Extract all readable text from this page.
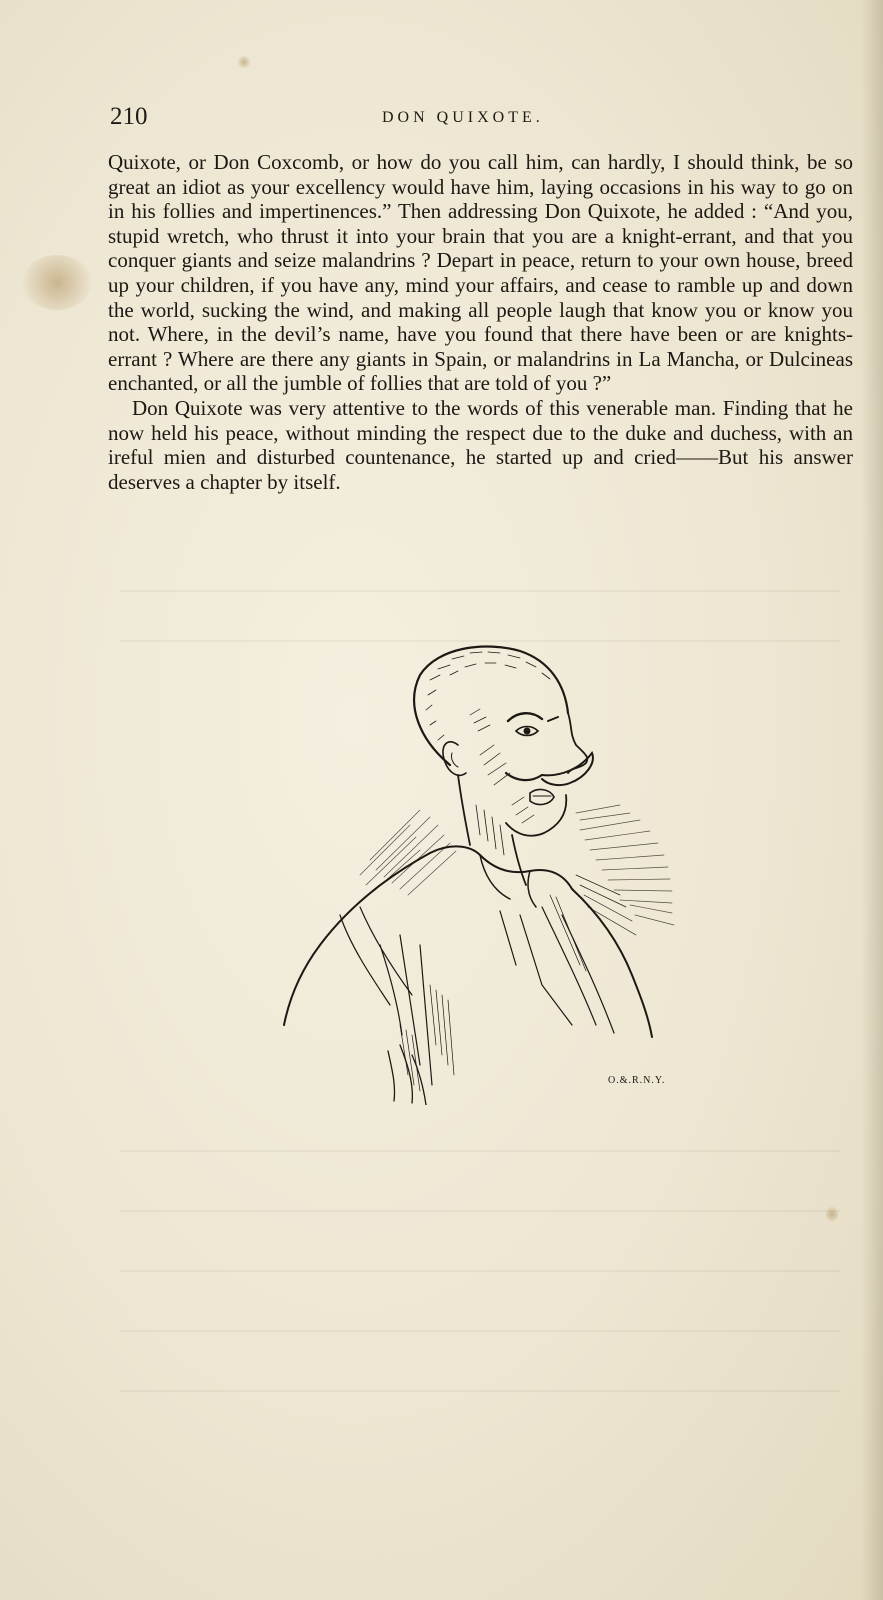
210	DON QUIXOTE.

Quixote, or Don Coxcomb, or how do you call him, can hardly, I should think, be so great an idiot as your excellency would have him, laying occasions in his way to go on in his follies and impertinences.” Then addressing Don Quixote, he added : “And you, stupid wretch, who thrust it into your brain that you are a knight-errant, and that you conquer giants and seize malandrins ? Depart in peace, return to your own house, breed up your children, if you have any, mind your affairs, and cease to ramble up and down the world, sucking the wind, and making all people laugh that know you or know you not. Where, in the devil’s name, have you found that there have been or are knights-errant ? Where are there any giants in Spain, or malandrins in La Mancha, or Dulcineas enchanted, or all the jumble of follies that are told of you ?”

Don Quixote was very attentive to the words of this venerable man. Finding that he now held his peace, without minding the respect due to the duke and duchess, with an ireful mien and disturbed countenance, he started up and cried——But his answer deserves a chapter by itself.

O.&.R.N.Y.
